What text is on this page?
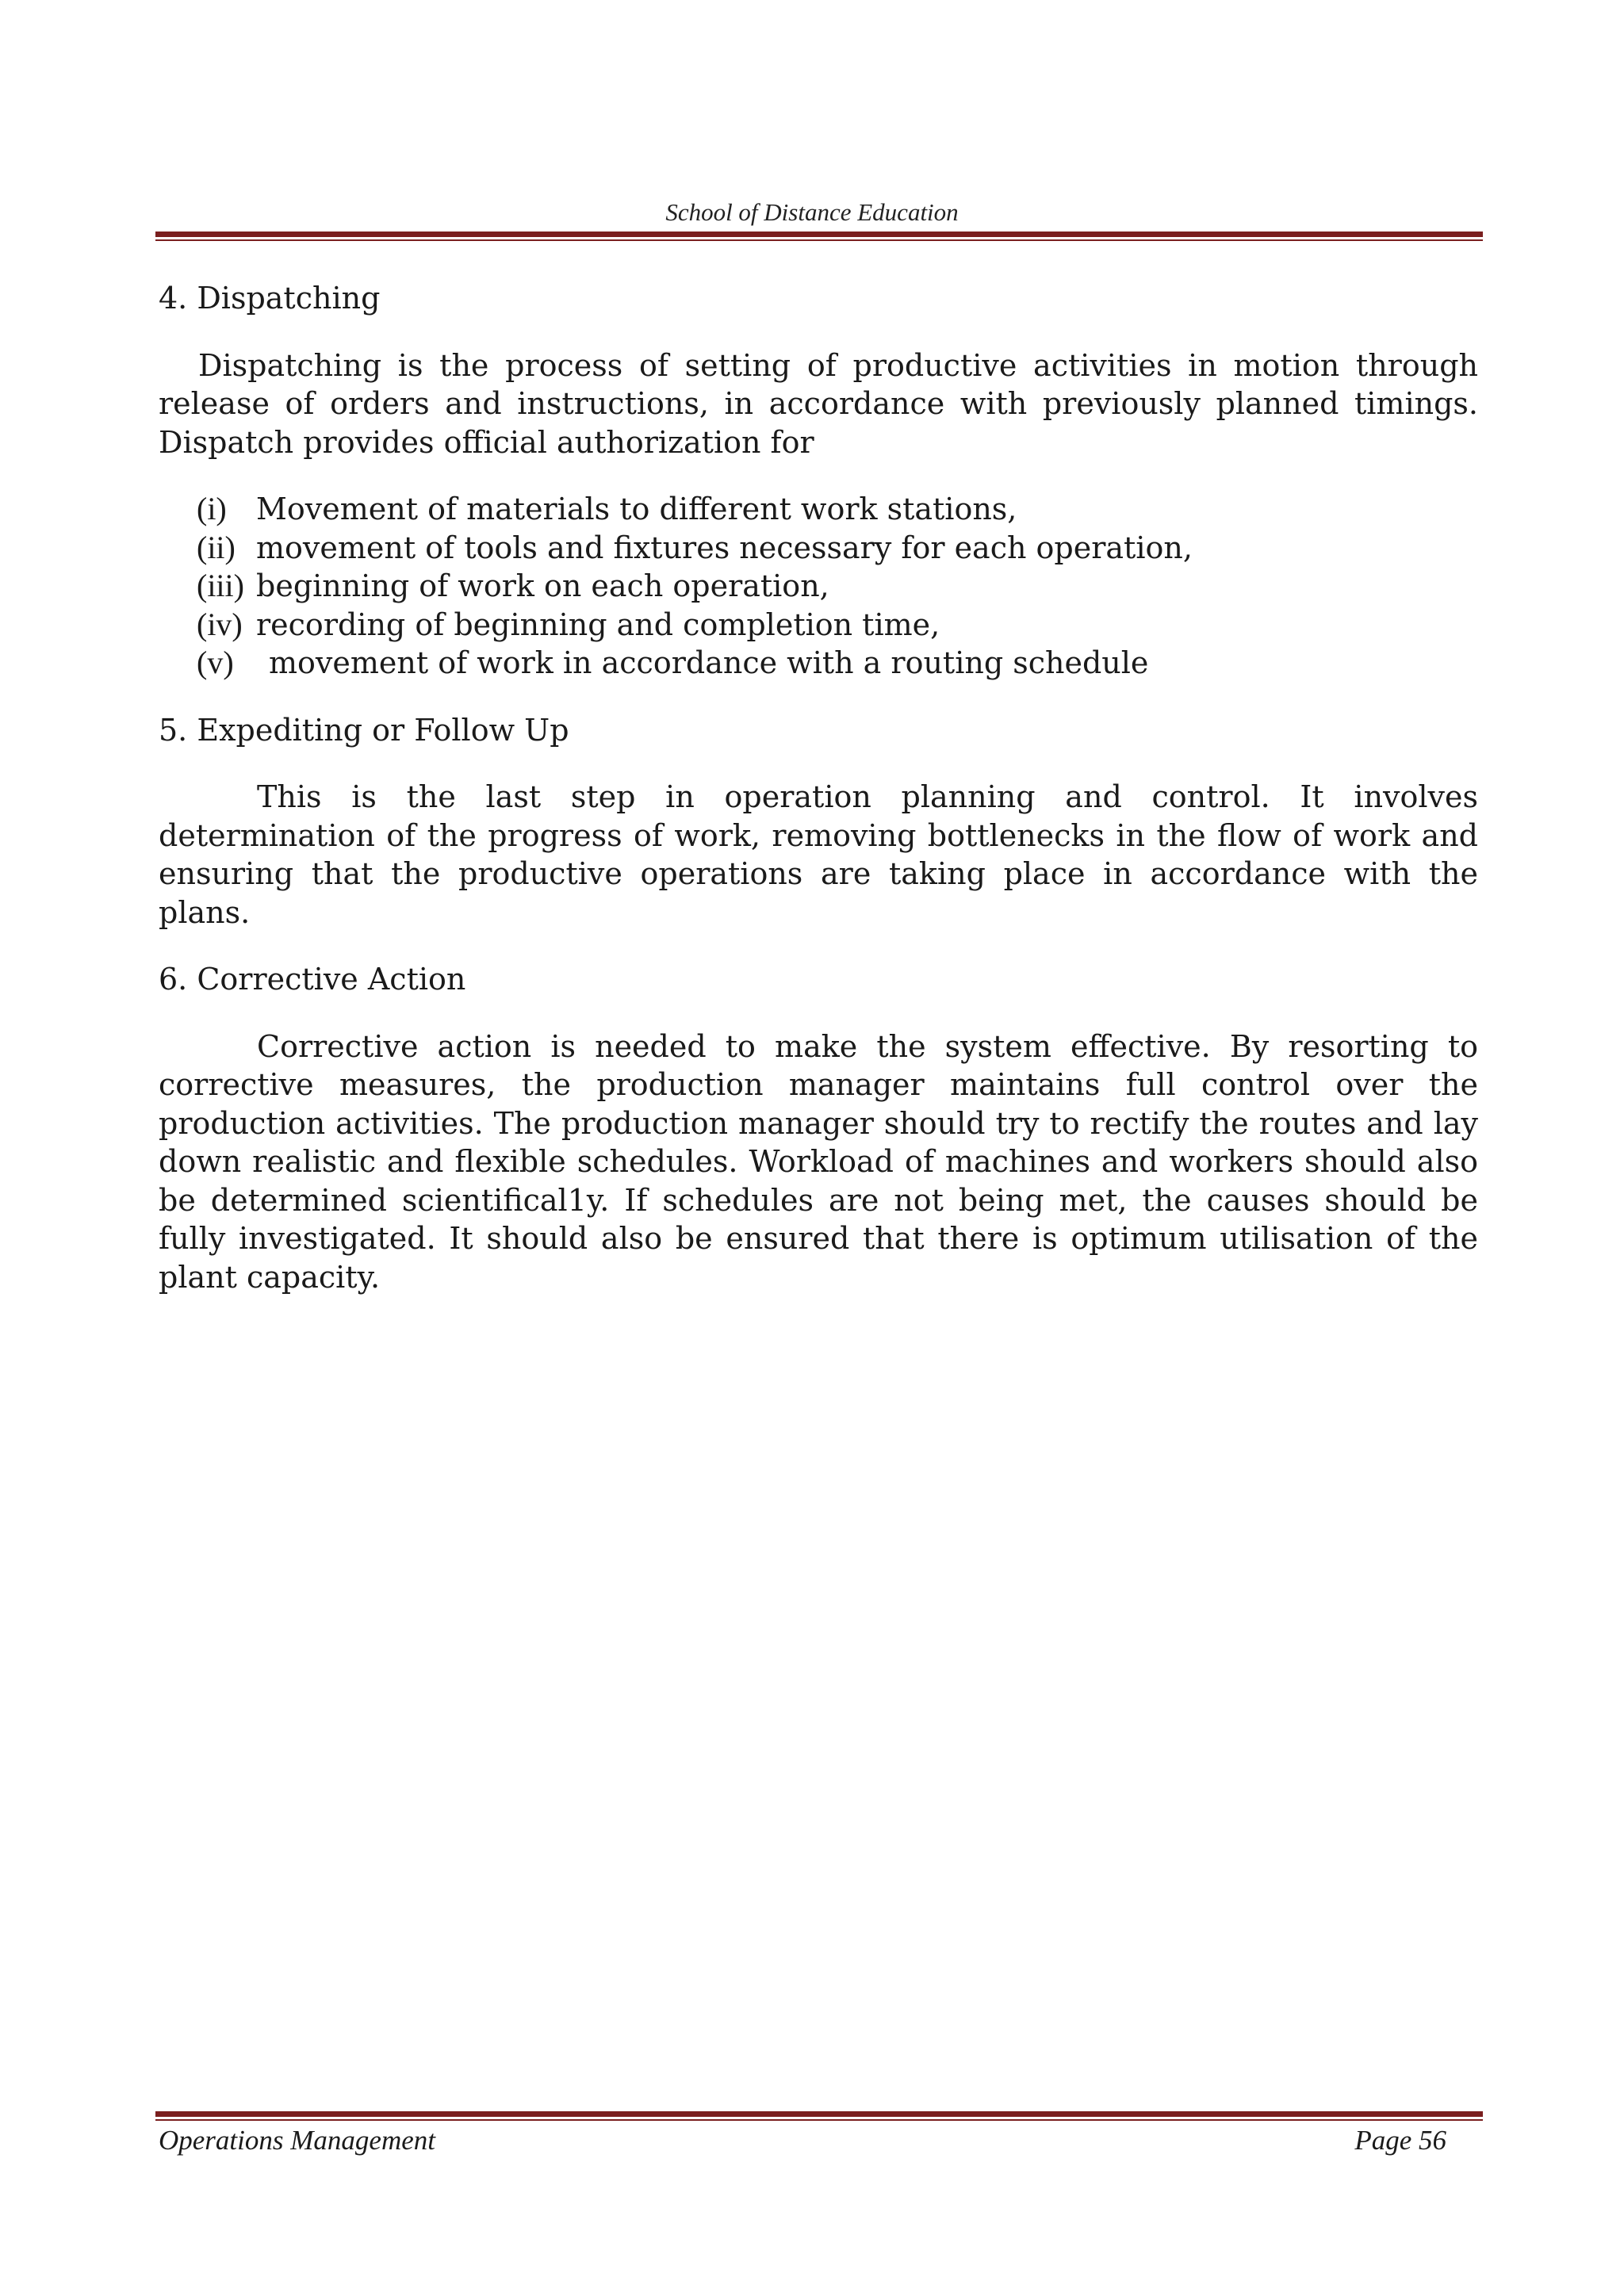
School of Distance Education
4. Dispatching

Dispatching is the process of setting of productive activities in motion through release of orders and instructions, in accordance with previously planned timings. Dispatch provides official authorization for

(i) Movement of materials to different work stations,
(ii) movement of tools and fixtures necessary for each operation,
(iii) beginning of work on each operation,
(iv) recording of beginning and completion time,
(v)	movement of work in accordance with a routing schedule
5. Expediting or Follow Up

This is the last step in operation planning and control. It involves determination of the progress of work, removing bottlenecks in the flow of work and ensuring that the productive operations are taking place in accordance with the plans.

6. Corrective Action

Corrective action is needed to make the system effective. By resorting to corrective measures, the production manager maintains full control over the production activities. The production manager should try to rectify the routes and lay down realistic and flexible schedules. Workload of machines and workers should also be determined scientifical1y. If schedules are not being met, the causes should be fully investigated. It should also be ensured that there is optimum utilisation of the plant capacity.

Operations Management	Page 56
